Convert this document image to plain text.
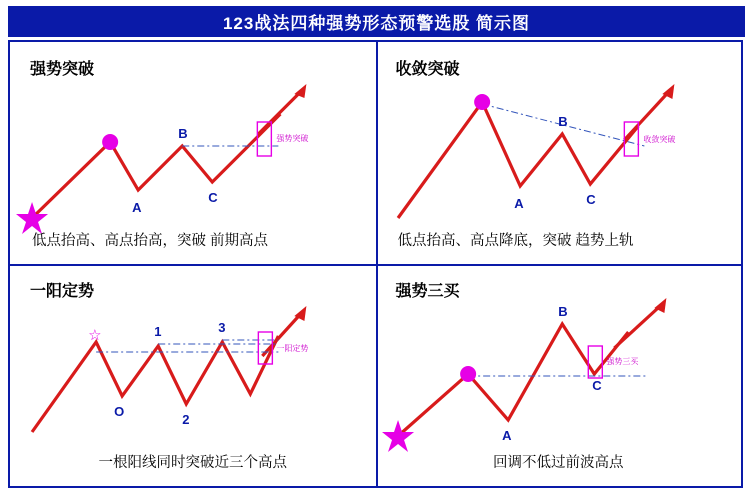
123战法四种强势形态预警选股 简示图
强势突破
强势突破
A
B
C
低点抬高、高点抬高，突破 前期高点
收敛突破
收敛突破
A
B
C
低点抬高、高点降底，突破 趋势上轨
一阳定势
一阳定势
☆
O
1
2
3
一根阳线同时突破近三个高点
强势三买
强势三买
A
B
C
回调不低过前波高点
